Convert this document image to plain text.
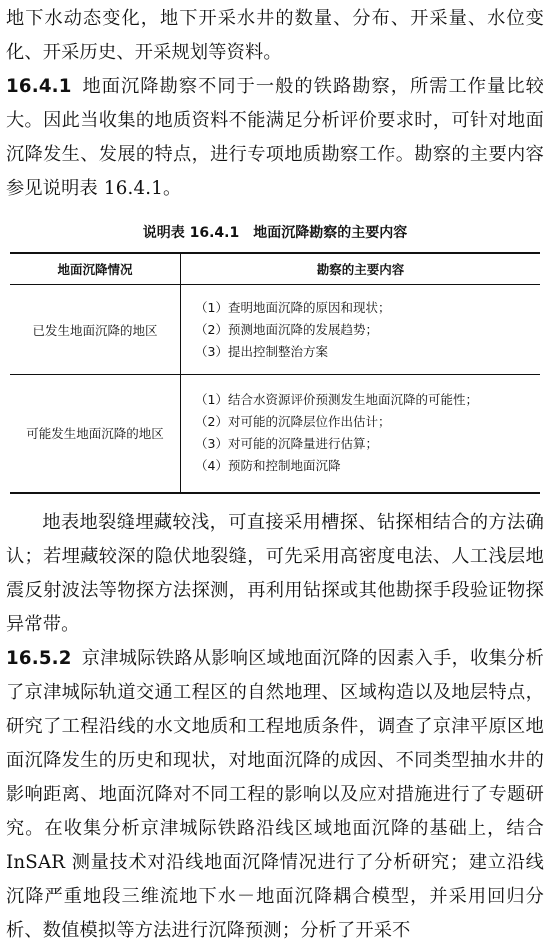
地下水动态变化，地下开采水井的数量、分布、开采量、水位变化、开采历史、开采规划等资料。

16.4.1 地面沉降勘察不同于一般的铁路勘察，所需工作量比较大。因此当收集的地质资料不能满足分析评价要求时，可针对地面沉降发生、发展的特点，进行专项地质勘察工作。勘察的主要内容参见说明表 16.4.1。

说明表 16.4.1　地面沉降勘察的主要内容
地面沉降情况	勘察的主要内容
已发生地面沉降的地区	（1）查明地面沉降的原因和现状；
（2）预测地面沉降的发展趋势；
（3）提出控制整治方案

可能发生地面沉降的地区	（1）结合水资源评价预测发生地面沉降的可能性；
（2）对可能的沉降层位作出估计；
（3）对可能的沉降量进行估算；
（4）预防和控制地面沉降

地表地裂缝埋藏较浅，可直接采用槽探、钻探相结合的方法确认；若埋藏较深的隐伏地裂缝，可先采用高密度电法、人工浅层地震反射波法等物探方法探测，再利用钻探或其他勘探手段验证物探异常带。

16.5.2 京津城际铁路从影响区域地面沉降的因素入手，收集分析了京津城际轨道交通工程区的自然地理、区域构造以及地层特点，研究了工程沿线的水文地质和工程地质条件，调查了京津平原区地面沉降发生的历史和现状，对地面沉降的成因、不同类型抽水井的影响距离、地面沉降对不同工程的影响以及应对措施进行了专题研究。在收集分析京津城际铁路沿线区域地面沉降的基础上，结合 InSAR 测量技术对沿线地面沉降情况进行了分析研究；建立沿线沉降严重地段三维流地下水－地面沉降耦合模型，并采用回归分析、数值模拟等方法进行沉降预测；分析了开采不
